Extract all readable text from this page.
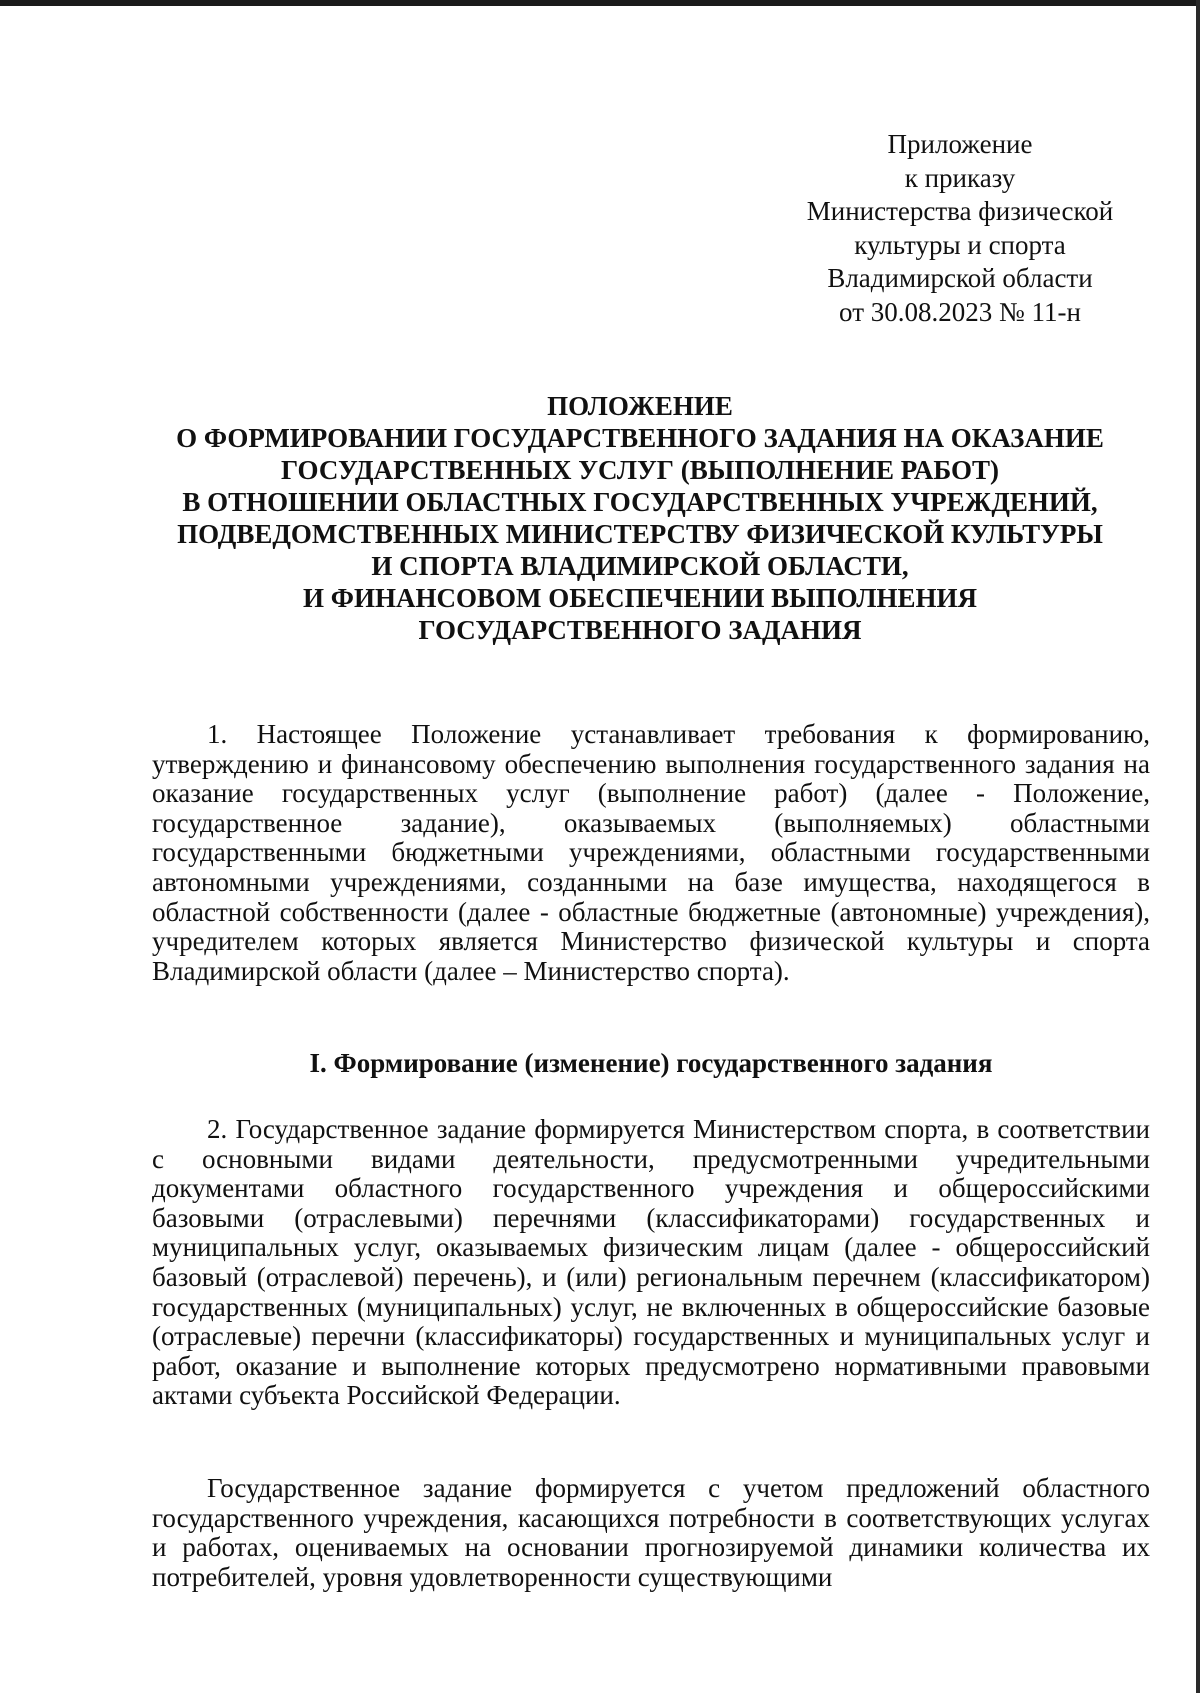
Приложение
к приказу
Министерства физической
культуры и спорта
Владимирской области
от 30.08.2023 № 11-н
ПОЛОЖЕНИЕ
О ФОРМИРОВАНИИ ГОСУДАРСТВЕННОГО ЗАДАНИЯ НА ОКАЗАНИЕ
ГОСУДАРСТВЕННЫХ УСЛУГ (ВЫПОЛНЕНИЕ РАБОТ)
В ОТНОШЕНИИ ОБЛАСТНЫХ ГОСУДАРСТВЕННЫХ УЧРЕЖДЕНИЙ,
ПОДВЕДОМСТВЕННЫХ МИНИСТЕРСТВУ ФИЗИЧЕСКОЙ КУЛЬТУРЫ
И СПОРТА ВЛАДИМИРСКОЙ ОБЛАСТИ,
И ФИНАНСОВОМ ОБЕСПЕЧЕНИИ ВЫПОЛНЕНИЯ
ГОСУДАРСТВЕННОГО ЗАДАНИЯ

1. Настоящее Положение устанавливает требования к формированию, утверждению и финансовому обеспечению выполнения государственного задания на оказание государственных услуг (выполнение работ) (далее - Положение, государственное задание), оказываемых (выполняемых) областными государственными бюджетными учреждениями, областными государственными автономными учреждениями, созданными на базе имущества, находящегося в областной собственности (далее - областные бюджетные (автономные) учреждения), учредителем которых является Министерство физической культуры и спорта Владимирской области (далее – Министерство спорта).

I. Формирование (изменение) государственного задания

2. Государственное задание формируется Министерством спорта, в соответствии с основными видами деятельности, предусмотренными учредительными документами областного государственного учреждения и общероссийскими базовыми (отраслевыми) перечнями (классификаторами) государственных и муниципальных услуг, оказываемых физическим лицам (далее - общероссийский базовый (отраслевой) перечень), и (или) региональным перечнем (классификатором) государственных (муниципальных) услуг, не включенных в общероссийские базовые (отраслевые) перечни (классификаторы) государственных и муниципальных услуг и работ, оказание и выполнение которых предусмотрено нормативными правовыми актами субъекта Российской Федерации.

Государственное задание формируется с учетом предложений областного государственного учреждения, касающихся потребности в соответствующих услугах и работах, оцениваемых на основании прогнозируемой динамики количества их потребителей, уровня удовлетворенности существующими
